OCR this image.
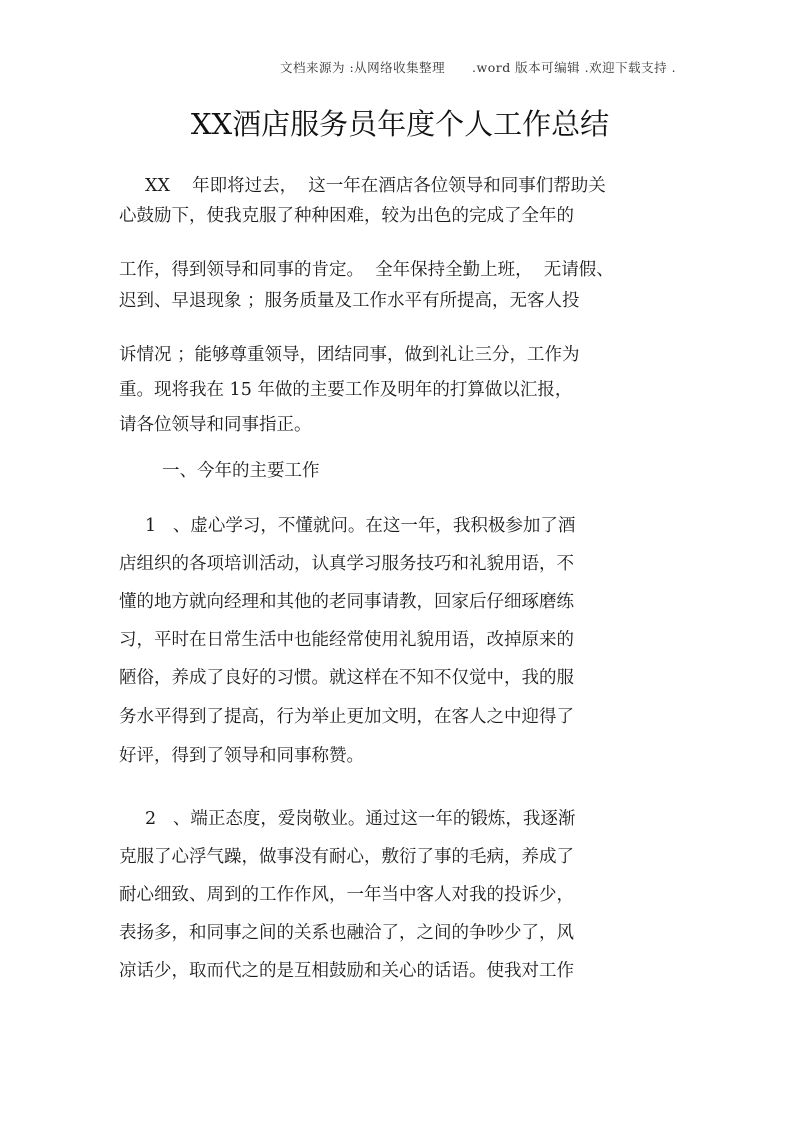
文档来源为 :从网络收集整理      .word 版本可编辑 .欢迎下载支持 .
XX酒店服务员年度个人工作总结
XX    年即将过去，  这一年在酒店各位领导和同事们帮助关
心鼓励下，使我克服了种种困难，较为出色的完成了全年的
工作，得到领导和同事的肯定。  全年保持全勤上班，  无请假、
迟到、早退现象 ；服务质量及工作水平有所提高，无客人投
诉情况 ；能够尊重领导，团结同事，做到礼让三分，工作为
重。现将我在 15 年做的主要工作及明年的打算做以汇报，
请各位领导和同事指正。
一、今年的主要工作
1   、虚心学习，不懂就问。在这一年，我积极参加了酒
店组织的各项培训活动，认真学习服务技巧和礼貌用语，不
懂的地方就向经理和其他的老同事请教，回家后仔细琢磨练
习，平时在日常生活中也能经常使用礼貌用语，改掉原来的
陋俗，养成了良好的习惯。就这样在不知不仅觉中，我的服
务水平得到了提高，行为举止更加文明，在客人之中迎得了
好评，得到了领导和同事称赞。
2   、端正态度，爱岗敬业。通过这一年的锻炼，我逐渐
克服了心浮气躁，做事没有耐心，敷衍了事的毛病，养成了
耐心细致、周到的工作作风，一年当中客人对我的投诉少，
表扬多，和同事之间的关系也融洽了，之间的争吵少了，风
凉话少，取而代之的是互相鼓励和关心的话语。使我对工作
